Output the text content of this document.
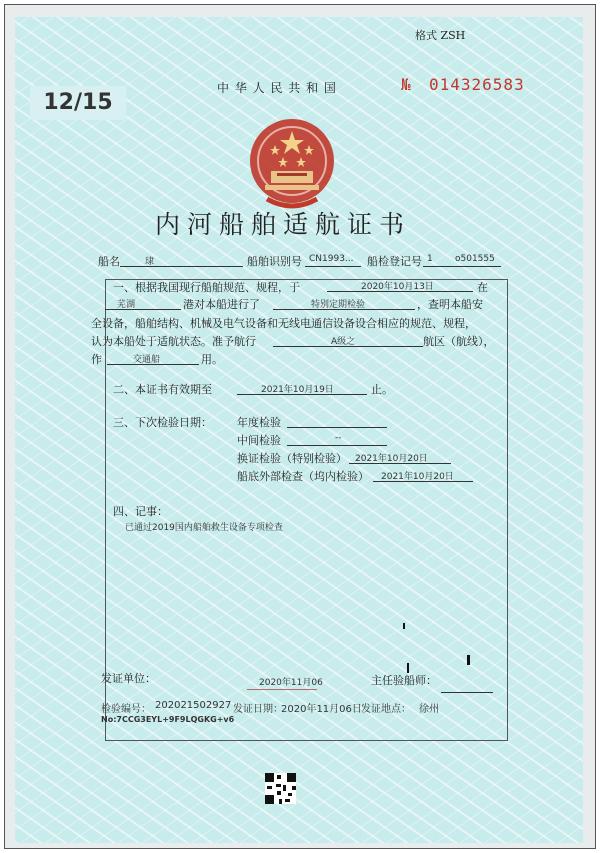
格式 ZSH
中 华 人 民 共 和 国	№ 014326583
内河船舶适航证书
船名	㻖	船舶识别号 CN1993... 船检登记号 1 o501555
一、根据我国现行船舶规范、规程，于	2020年10月13日	在
芜湖	港对本船进行了	特别定期检验	，查明本船安
全设备，船舶结构、机械及电气设备和无线电通信设备设合相应的规范、规程，
认为本船处于适航状态。准予航行	A级之	航区（航线），
作	交通船	用。
二、本证书有效期至	2021年10月19日	止。
三、下次检验日期： 年度检验
中间检验	--
换证检验（特别检验） 2021年10月20日
船底外部检查（坞内检验） 2021年10月20日
四、记事：
已通过2019国内船舶救生设备专项检查
发证单位：	2020年11月06	主任验船师：
检验编号： 202021502927 发证日期：
2020年11月06日 发证地点： 徐州
No:7CCG3EYL+9F9LQGKG+v6
12/15
